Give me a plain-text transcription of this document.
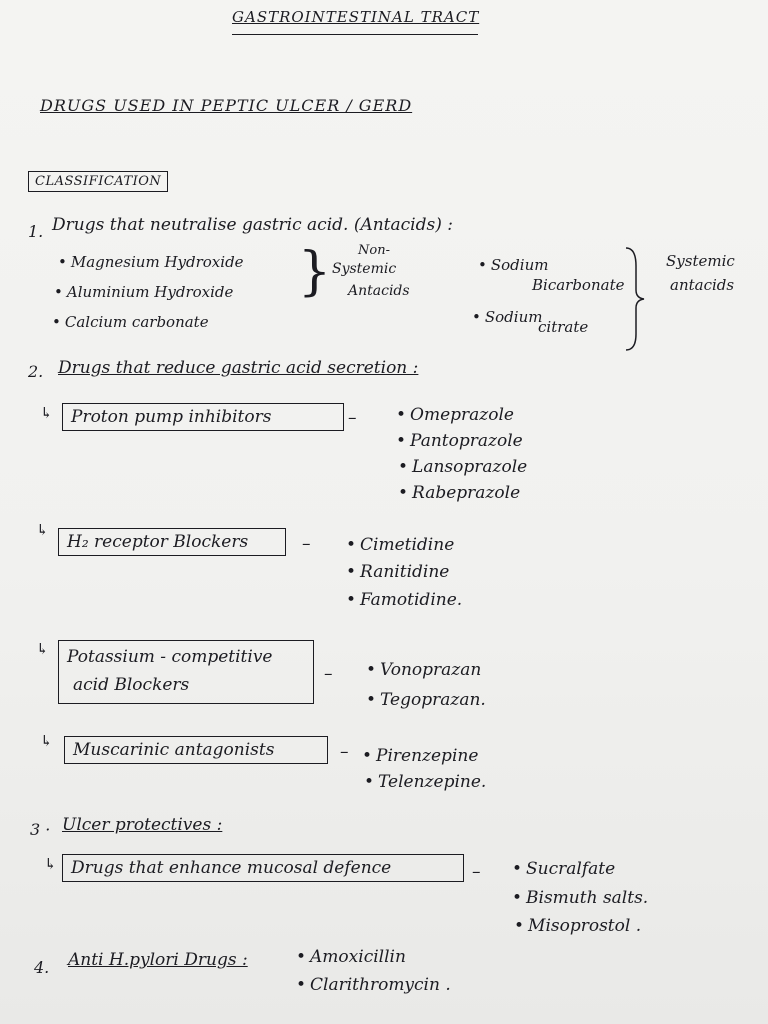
GASTROINTESTINAL TRACT
DRUGS USED IN PEPTIC ULCER / GERD
CLASSIFICATION
1. Drugs that neutralise gastric acid. (Antacids) :
• Magnesium Hydroxide
• Aluminium Hydroxide
• Calcium carbonate
} Non-
Systemic
Antacids
• Sodium
Bicarbonate
• Sodium
citrate
Systemic
antacids
2. Drugs that reduce gastric acid secretion :
↳	Proton pump inhibitors	–	• Omeprazole
• Pantoprazole
• Lansoprazole
• Rabeprazole
↳
H₂ receptor Blockers	–	• Cimetidine
• Ranitidine
• Famotidine.
↳ Potassium - competitive
acid Blockers
–	• Vonoprazan
• Tegoprazan.
↳	Muscarinic antagonists	–	• Pirenzepine
• Telenzepine.
3 · Ulcer protectives :
↳ Drugs that enhance mucosal defence	–	• Sucralfate
• Bismuth salts.
• Misoprostol .
4. Anti H.pylori Drugs :	• Amoxicillin
• Clarithromycin .
